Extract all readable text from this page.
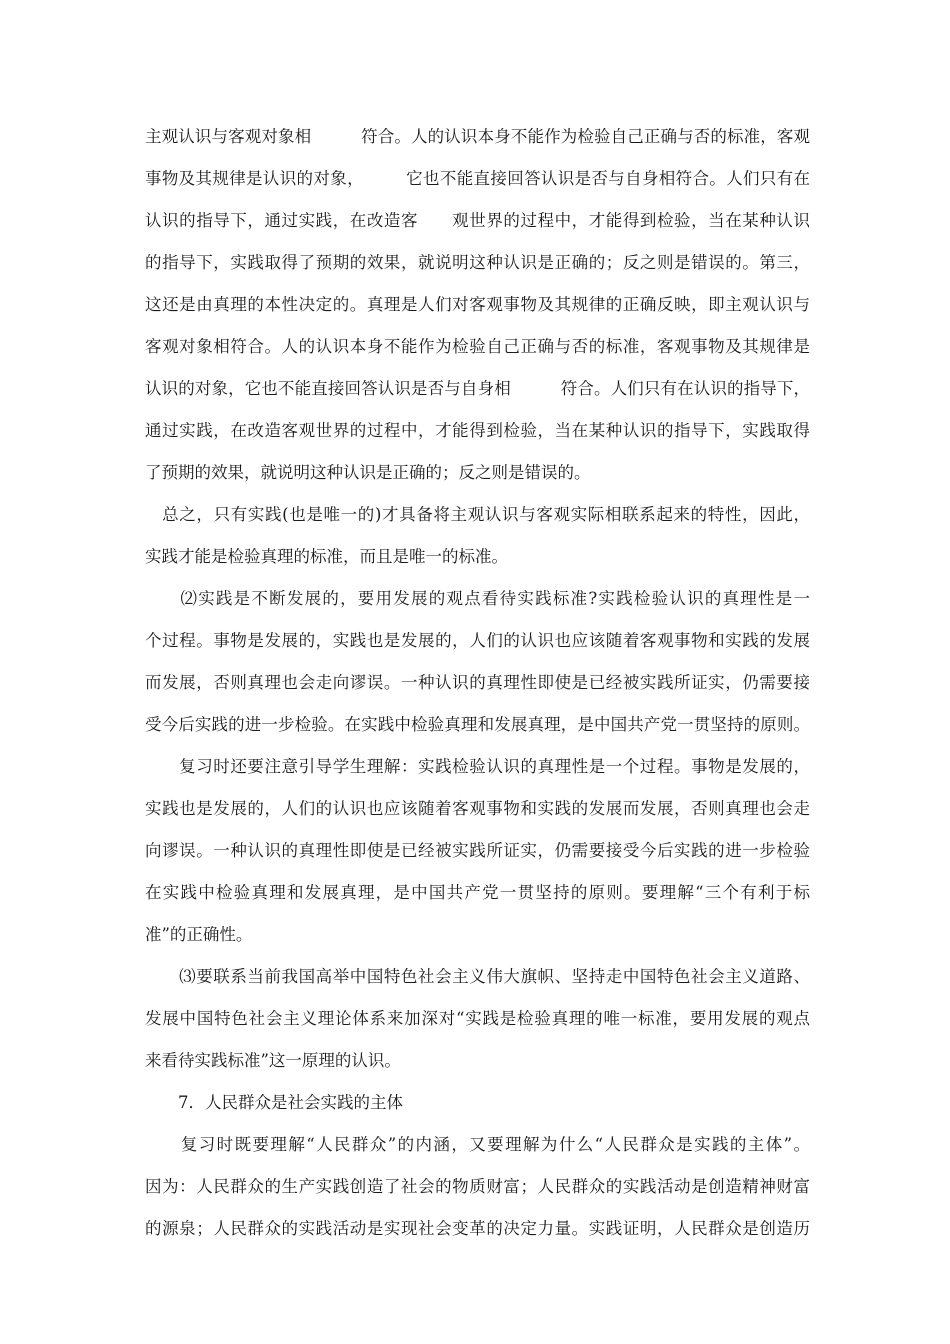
主观认识与客观对象相　　　符合。人的认识本身不能作为检验自己正确与否的标准，客观
事物及其规律是认识的对象，　　　它也不能直接回答认识是否与自身相符合。人们只有在
认识的指导下，通过实践，在改造客　　观世界的过程中，才能得到检验，当在某种认识
的指导下，实践取得了预期的效果，就说明这种认识是正确的；反之则是错误的。第三，
这还是由真理的本性决定的。真理是人们对客观事物及其规律的正确反映，即主观认识与
客观对象相符合。人的认识本身不能作为检验自己正确与否的标准，客观事物及其规律是
认识的对象，它也不能直接回答认识是否与自身相　　　符合。人们只有在认识的指导下，
通过实践，在改造客观世界的过程中，才能得到检验，当在某种认识的指导下，实践取得
了预期的效果，就说明这种认识是正确的；反之则是错误的。
　总之，只有实践(也是唯一的)才具备将主观认识与客观实际相联系起来的特性，因此，
实践才能是检验真理的标准，而且是唯一的标准。
　　⑵实践是不断发展的，要用发展的观点看待实践标准?实践检验认识的真理性是一
个过程。事物是发展的，实践也是发展的，人们的认识也应该随着客观事物和实践的发展
而发展，否则真理也会走向谬误。一种认识的真理性即使是已经被实践所证实，仍需要接
受今后实践的进一步检验。在实践中检验真理和发展真理，是中国共产党一贯坚持的原则。
　　复习时还要注意引导学生理解：实践检验认识的真理性是一个过程。事物是发展的，
实践也是发展的，人们的认识也应该随着客观事物和实践的发展而发展，否则真理也会走
向谬误。一种认识的真理性即使是已经被实践所证实，仍需要接受今后实践的进一步检验
在实践中检验真理和发展真理，是中国共产党一贯坚持的原则。要理解“三个有利于标
准”的正确性。
　　⑶要联系当前我国高举中国特色社会主义伟大旗帜、坚持走中国特色社会主义道路、
发展中国特色社会主义理论体系来加深对“实践是检验真理的唯一标准，要用发展的观点
来看待实践标准”这一原理的认识。
　　7．人民群众是社会实践的主体
　　复习时既要理解“人民群众”的内涵，又要理解为什么“人民群众是实践的主体”。
因为：人民群众的生产实践创造了社会的物质财富；人民群众的实践活动是创造精神财富
的源泉；人民群众的实践活动是实现社会变革的决定力量。实践证明，人民群众是创造历
